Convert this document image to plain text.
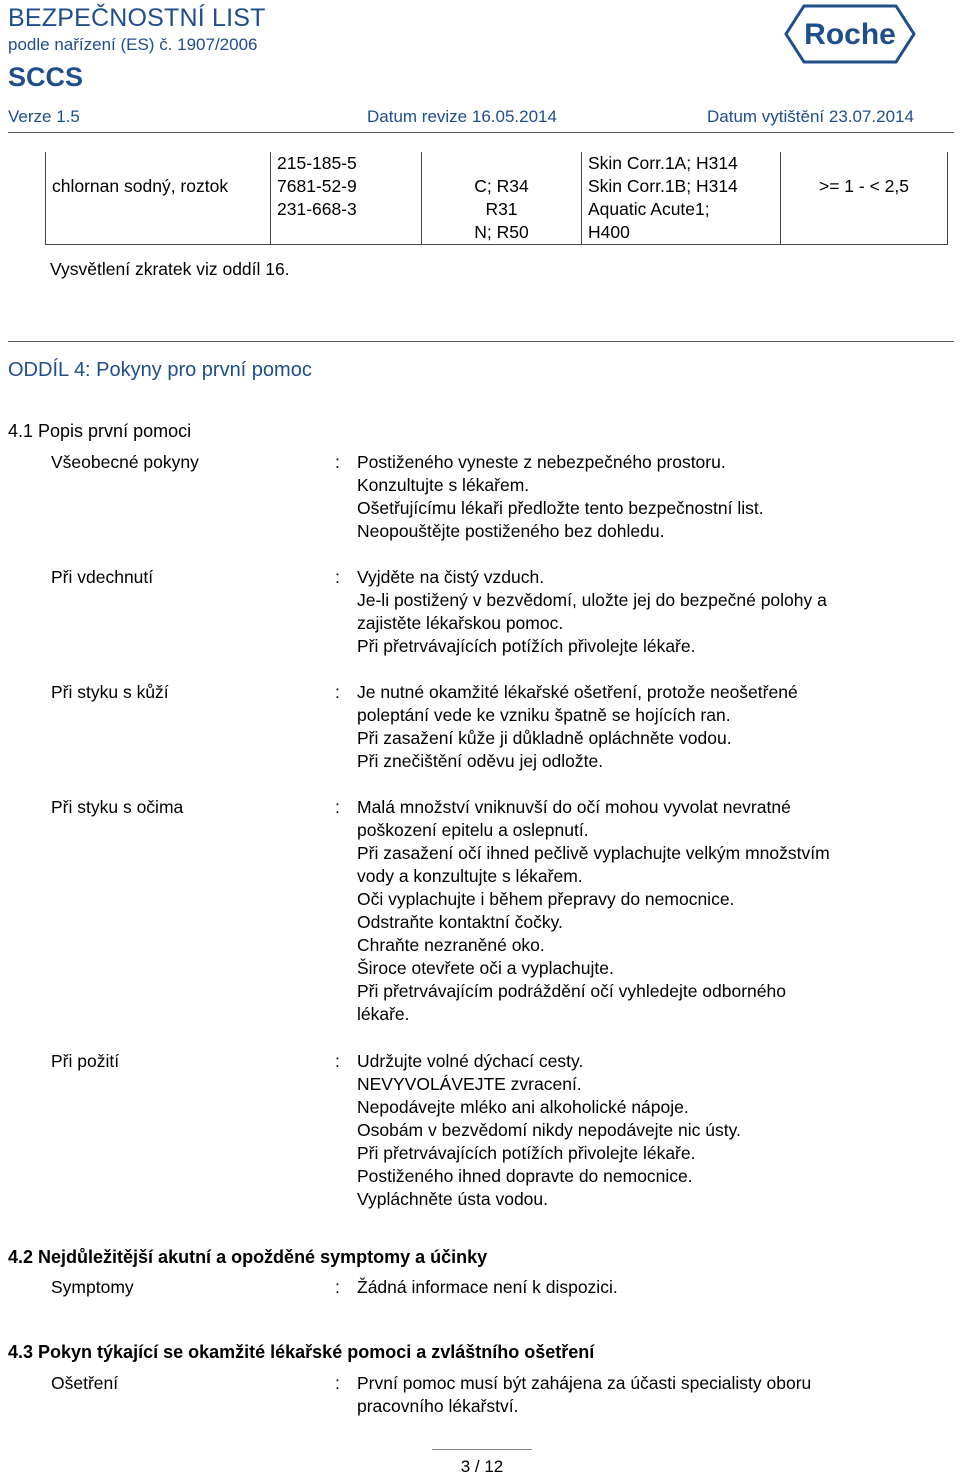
BEZPEČNOSTNÍ LIST
podle nařízení (ES) č. 1907/2006
SCCS
Roche
Verze 1.5	Datum revize 16.05.2014	Datum vytištění 23.07.2014
chlornan sodný, roztok

215-185-5
7681-52-9
231-668-3

C; R34
R31
N; R50

Skin Corr.1A; H314
Skin Corr.1B; H314
Aquatic Acute1;
H400

>= 1 - < 2,5
Vysvětlení zkratek viz oddíl 16.
ODDÍL 4: Pokyny pro první pomoc
4.1 Popis první pomoci
Všeobecné pokyny	: Postiženého vyneste z nebezpečného prostoru.
Konzultujte s lékařem.
Ošetřujícímu lékaři předložte tento bezpečnostní list.
Neopouštějte postiženého bez dohledu.
Při vdechnutí	: Vyjděte na čistý vzduch.
Je-li postižený v bezvědomí, uložte jej do bezpečné polohy a
zajistěte lékařskou pomoc.
Při přetrvávajících potížích přivolejte lékaře.
Při styku s kůží	: Je nutné okamžité lékařské ošetření, protože neošetřené
poleptání vede ke vzniku špatně se hojících ran.
Při zasažení kůže ji důkladně opláchněte vodou.
Při znečištění oděvu jej odložte.
Při styku s očima	: Malá množství vniknuvší do očí mohou vyvolat nevratné
poškození epitelu a oslepnutí.
Při zasažení očí ihned pečlivě vyplachujte velkým množstvím
vody a konzultujte s lékařem.
Oči vyplachujte i během přepravy do nemocnice.
Odstraňte kontaktní čočky.
Chraňte nezraněné oko.
Široce otevřete oči a vyplachujte.
Při přetrvávajícím podráždění očí vyhledejte odborného
lékaře.
Při požití	: Udržujte volné dýchací cesty.
NEVYVOLÁVEJTE zvracení.
Nepodávejte mléko ani alkoholické nápoje.
Osobám v bezvědomí nikdy nepodávejte nic ústy.
Při přetrvávajících potížích přivolejte lékaře.
Postiženého ihned dopravte do nemocnice.
Vypláchněte ústa vodou.
4.2 Nejdůležitější akutní a opožděné symptomy a účinky
Symptomy	: Žádná informace není k dispozici.
4.3 Pokyn týkající se okamžité lékařské pomoci a zvláštního ošetření
Ošetření	: První pomoc musí být zahájena za účasti specialisty oboru
pracovního lékařství.
3 / 12
